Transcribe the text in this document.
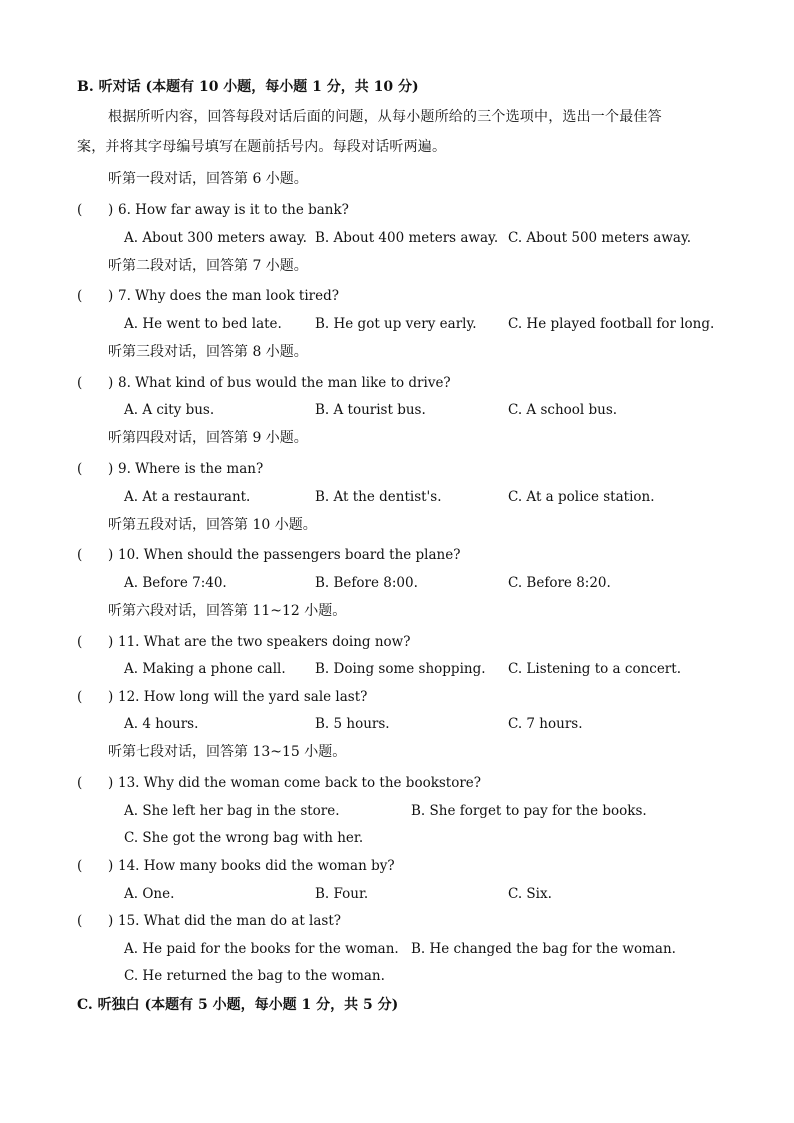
B. 听对话 (本题有 10 小题，每小题 1 分，共 10 分)
根据所听内容，回答每段对话后面的问题，从每小题所给的三个选项中，选出一个最佳答
案，并将其字母编号填写在题前括号内。每段对话听两遍。
听第一段对话，回答第 6 小题。
(      ) 6. How far away is it to the bank?
A. About 300 meters away. B. About 400 meters away. C. About 500 meters away.
听第二段对话，回答第 7 小题。
(      ) 7. Why does the man look tired?
A. He went to bed late. B. He got up very early. C. He played football for long.
听第三段对话，回答第 8 小题。
(      ) 8. What kind of bus would the man like to drive?
A. A city bus.	B. A tourist bus.	C. A school bus.
听第四段对话，回答第 9 小题。
(      ) 9. Where is the man?
A. At a restaurant.	B. At the dentist's.	C. At a police station.
听第五段对话，回答第 10 小题。
(      ) 10. When should the passengers board the plane?
A. Before 7:40.	B. Before 8:00.	C. Before 8:20.
听第六段对话，回答第 11~12 小题。
(      ) 11. What are the two speakers doing now?
A. Making a phone call. B. Doing some shopping. C. Listening to a concert.
(      ) 12. How long will the yard sale last?
A. 4 hours.	B. 5 hours.	C. 7 hours.
听第七段对话，回答第 13~15 小题。
(      ) 13. Why did the woman come back to the bookstore?
A. She left her bag in the store.	B. She forget to pay for the books.
C. She got the wrong bag with her.
(      ) 14. How many books did the woman by?
A. One.	B. Four.	C. Six.
(      ) 15. What did the man do at last?
A. He paid for the books for the woman. B. He changed the bag for the woman.
C. He returned the bag to the woman.
C. 听独白 (本题有 5 小题，每小题 1 分，共 5 分)
